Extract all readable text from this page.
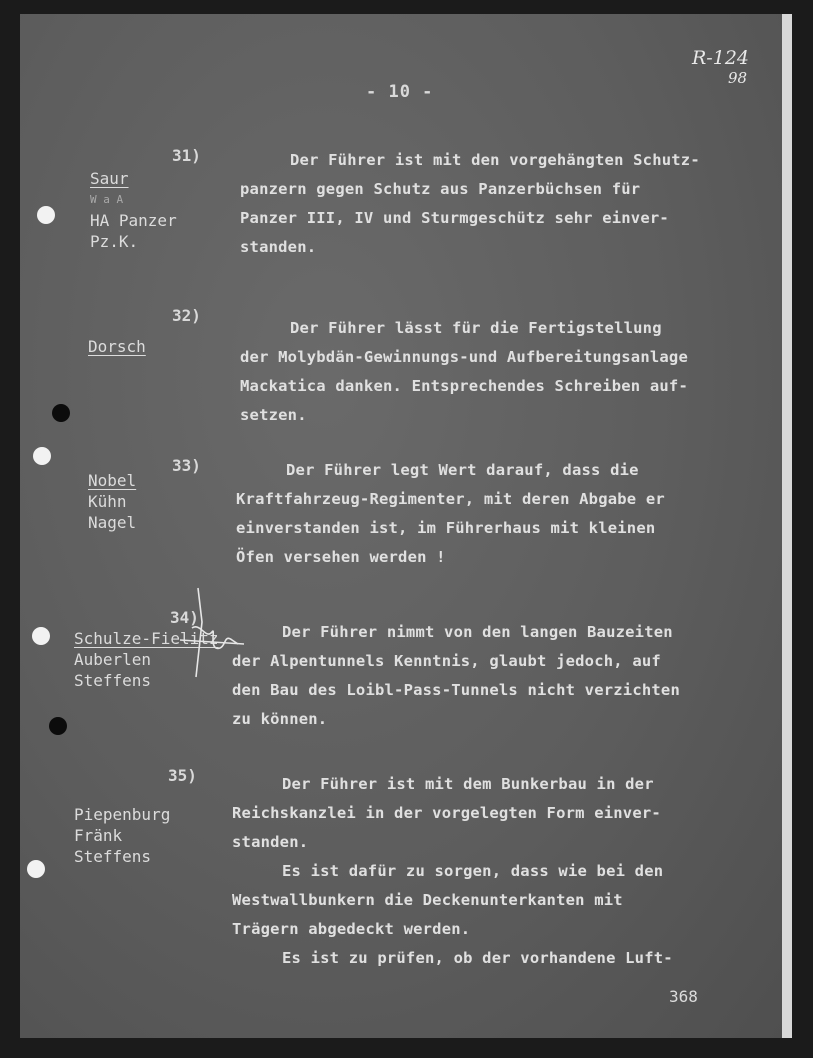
R-124
98
- 10 -
31)
Saur
W a A
HA Panzer
Pz.K.
Der Führer ist mit den vorgehängten Schutz-
panzern gegen Schutz aus Panzerbüchsen für
Panzer III, IV und Sturmgeschütz sehr einver-
standen.
32)
Dorsch
Der Führer lässt für die Fertigstellung
der Molybdän-Gewinnungs-und Aufbereitungsanlage
Mackatica danken. Entsprechendes Schreiben auf-
setzen.
33)
Nobel
Kühn
Nagel
Der Führer legt Wert darauf, dass die
Kraftfahrzeug-Regimenter, mit deren Abgabe er
einverstanden ist, im Führerhaus mit kleinen
Öfen versehen werden !
34)
Schulze-Fielitz
Auberlen
Steffens
Der Führer nimmt von den langen Bauzeiten
der Alpentunnels Kenntnis, glaubt jedoch, auf
den Bau des Loibl-Pass-Tunnels nicht verzichten
zu können.
35)
Piepenburg
Fränk
Steffens
Der Führer ist mit dem Bunkerbau in der
Reichskanzlei in der vorgelegten Form einver-
standen.
Es ist dafür zu sorgen, dass wie bei den
Westwallbunkern die Deckenunterkanten mit
Trägern abgedeckt werden.
Es ist zu prüfen, ob der vorhandene Luft-
368
